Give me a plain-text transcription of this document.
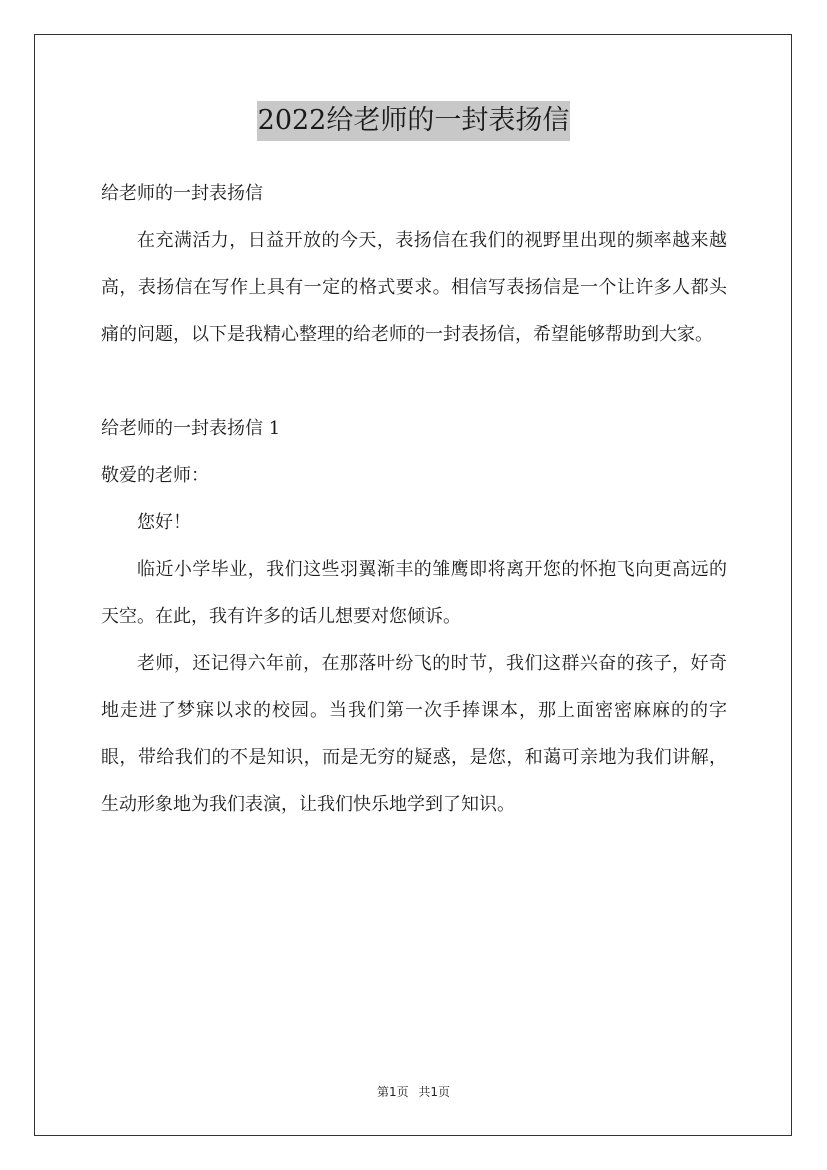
2022给老师的一封表扬信

给老师的一封表扬信

在充满活力，日益开放的今天，表扬信在我们的视野里出现的频率越来越高，表扬信在写作上具有一定的格式要求。相信写表扬信是一个让许多人都头痛的问题，以下是我精心整理的给老师的一封表扬信，希望能够帮助到大家。

给老师的一封表扬信 1

敬爱的老师：

您好！

临近小学毕业，我们这些羽翼渐丰的雏鹰即将离开您的怀抱飞向更高远的天空。在此，我有许多的话儿想要对您倾诉。

老师，还记得六年前，在那落叶纷飞的时节，我们这群兴奋的孩子，好奇地走进了梦寐以求的校园。当我们第一次手捧课本，那上面密密麻麻的的字眼，带给我们的不是知识，而是无穷的疑惑，是您，和蔼可亲地为我们讲解，生动形象地为我们表演，让我们快乐地学到了知识。

第1页 共1页
